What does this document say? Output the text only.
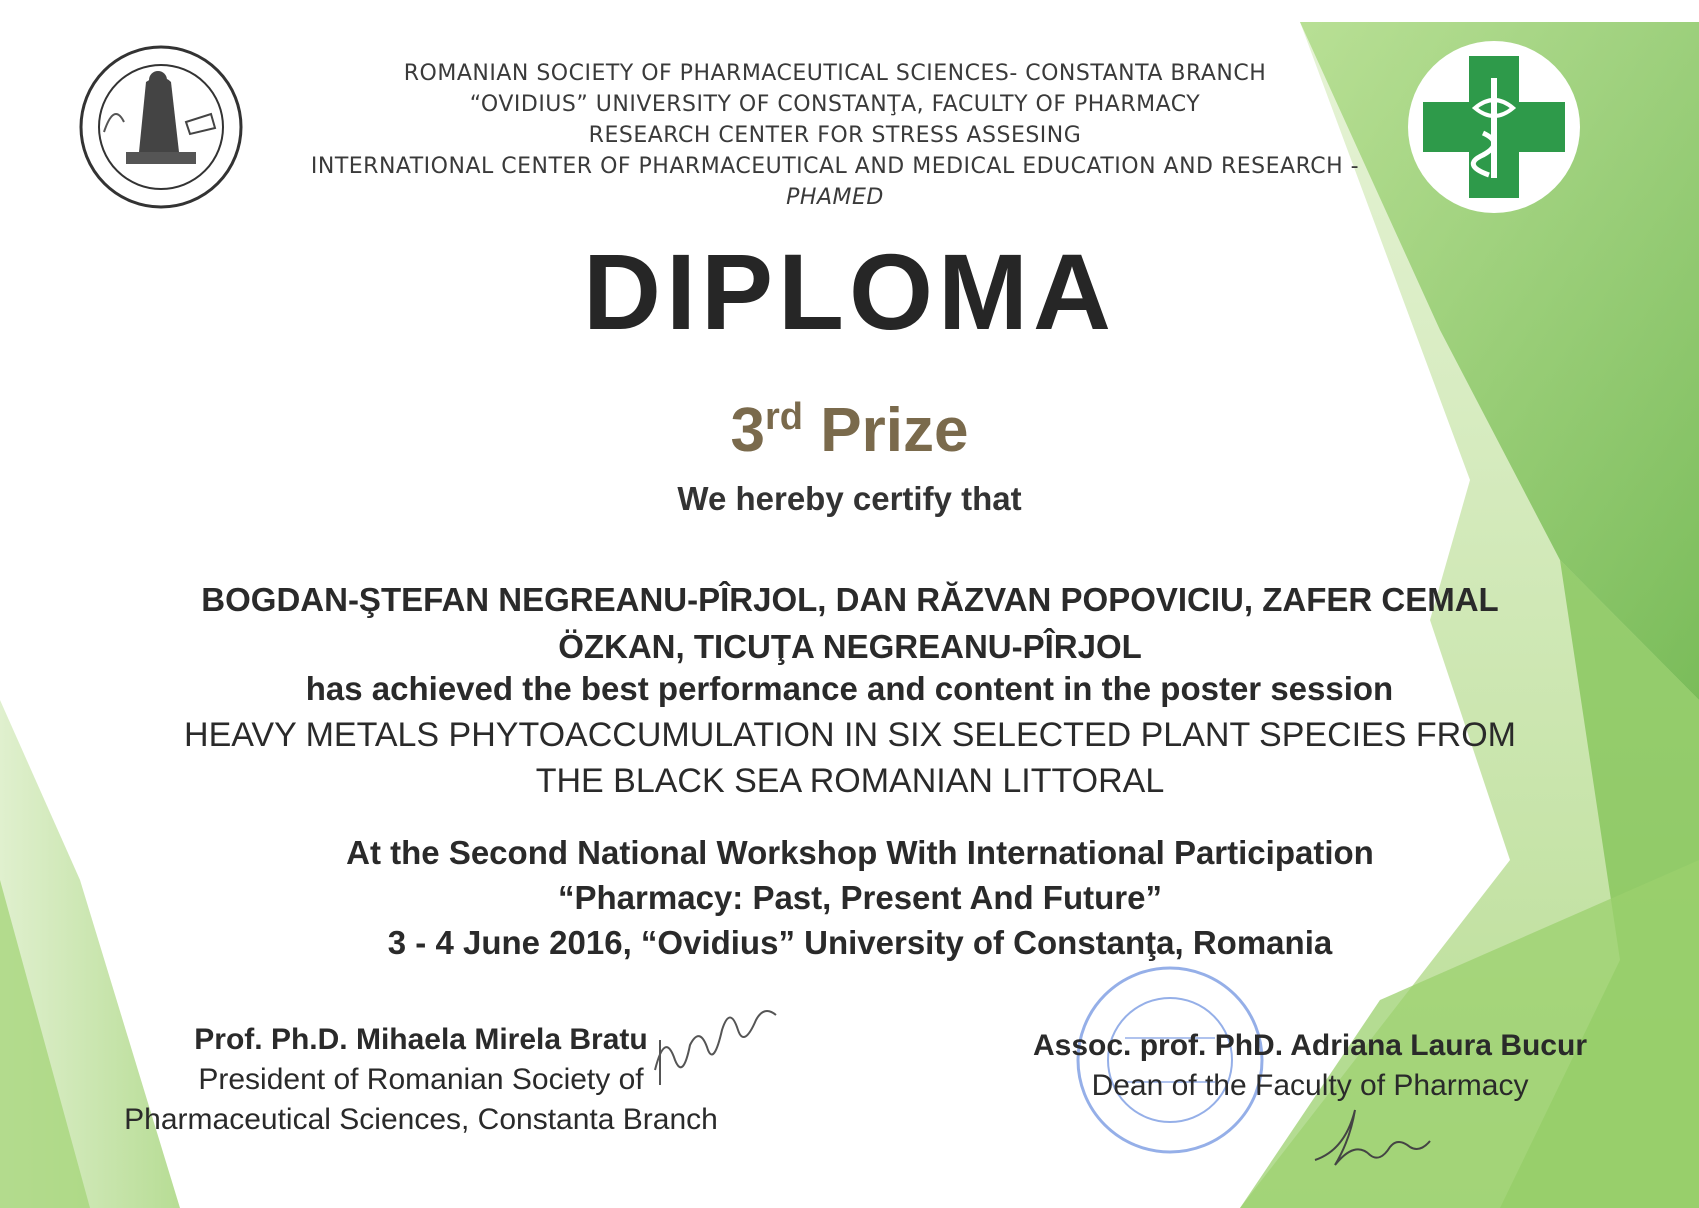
ROMANIAN SOCIETY OF PHARMACEUTICAL SCIENCES- CONSTANTA BRANCH
“OVIDIUS” UNIVERSITY OF CONSTANŢA, FACULTY OF PHARMACY
RESEARCH CENTER FOR STRESS ASSESING
INTERNATIONAL CENTER OF PHARMACEUTICAL AND MEDICAL EDUCATION AND RESEARCH -
PHAMED
DIPLOMA
3rd Prize
We hereby certify that
BOGDAN-ŞTEFAN NEGREANU-PÎRJOL, DAN RĂZVAN POPOVICIU, ZAFER CEMAL
ÖZKAN, TICUŢA NEGREANU-PÎRJOL
has achieved the best performance and content in the poster session
HEAVY METALS PHYTOACCUMULATION IN SIX SELECTED PLANT SPECIES FROM
THE BLACK SEA ROMANIAN LITTORAL
At the Second National Workshop With International Participation
“Pharmacy: Past, Present And Future”
3 - 4 June 2016, “Ovidius” University of Constanţa, Romania
Prof. Ph.D. Mihaela Mirela Bratu
President of Romanian Society of
Pharmaceutical Sciences, Constanta Branch
Assoc. prof. PhD. Adriana Laura Bucur
Dean of the Faculty of Pharmacy
